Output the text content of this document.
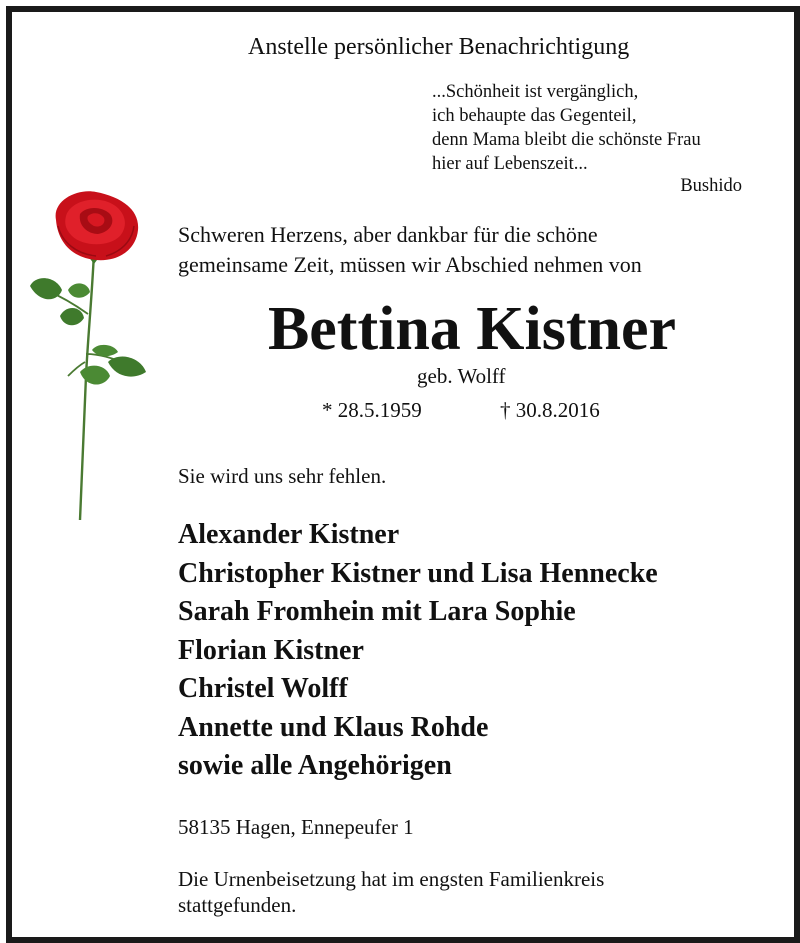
Anstelle persönlicher Benachrichtigung
...Schönheit ist vergänglich,
ich behaupte das Gegenteil,
denn Mama bleibt die schönste Frau
hier auf Lebenszeit...
Bushido
Schweren Herzens, aber dankbar für die schöne
gemeinsame Zeit, müssen wir Abschied nehmen von
Bettina Kistner
geb. Wolff
* 28.5.1959	† 30.8.2016
Sie wird uns sehr fehlen.
Alexander Kistner
Christopher Kistner und Lisa Hennecke
Sarah Fromhein mit Lara Sophie
Florian Kistner
Christel Wolff
Annette und Klaus Rohde
sowie alle Angehörigen
58135 Hagen, Ennepeufer 1
Die Urnenbeisetzung hat im engsten Familienkreis
stattgefunden.
